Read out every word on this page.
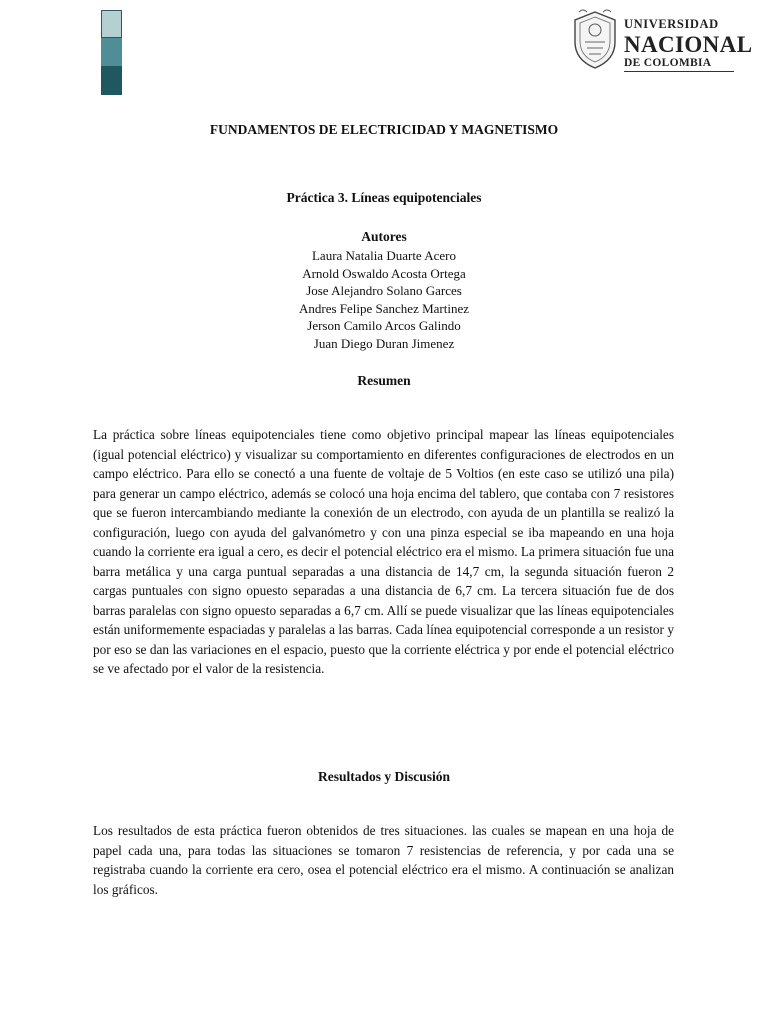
UNIVERSIDAD
NACIONAL
DE COLOMBIA
FUNDAMENTOS DE ELECTRICIDAD Y MAGNETISMO
Práctica 3. Líneas equipotenciales
Autores
Laura Natalia Duarte Acero
Arnold Oswaldo Acosta Ortega
Jose Alejandro Solano Garces
Andres Felipe Sanchez Martinez
Jerson Camilo Arcos Galindo
Juan Diego Duran Jimenez
Resumen

La práctica sobre líneas equipotenciales tiene como objetivo principal mapear las líneas equipotenciales (igual potencial eléctrico) y visualizar su comportamiento en diferentes configuraciones de electrodos en un campo eléctrico. Para ello se conectó a una fuente de voltaje de 5 Voltios (en este caso se utilizó una pila) para generar un campo eléctrico, además se colocó una hoja encima del tablero, que contaba con 7 resistores que se fueron intercambiando mediante la conexión de un electrodo, con ayuda de un plantilla se realizó la configuración, luego con ayuda del galvanómetro y con una pinza especial se iba mapeando en una hoja cuando la corriente era igual a cero, es decir el potencial eléctrico era el mismo. La primera situación fue una barra metálica y una carga puntual separadas a una distancia de 14,7 cm, la segunda situación fueron 2 cargas puntuales con signo opuesto separadas a una distancia de 6,7 cm. La tercera situación fue de dos barras paralelas con signo opuesto separadas a 6,7 cm. Allí se puede visualizar que las líneas equipotenciales están uniformemente espaciadas y paralelas a las barras. Cada línea equipotencial corresponde a un resistor y por eso se dan las variaciones en el espacio, puesto que la corriente eléctrica y por ende el potencial eléctrico se ve afectado por el valor de la resistencia.

Resultados y Discusión

Los resultados de esta práctica fueron obtenidos de tres situaciones. las cuales se mapean en una hoja de papel cada una, para todas las situaciones se tomaron 7 resistencias de referencia, y por cada una se registraba cuando la corriente era cero, osea el potencial eléctrico era el mismo. A continuación se analizan los gráficos.
